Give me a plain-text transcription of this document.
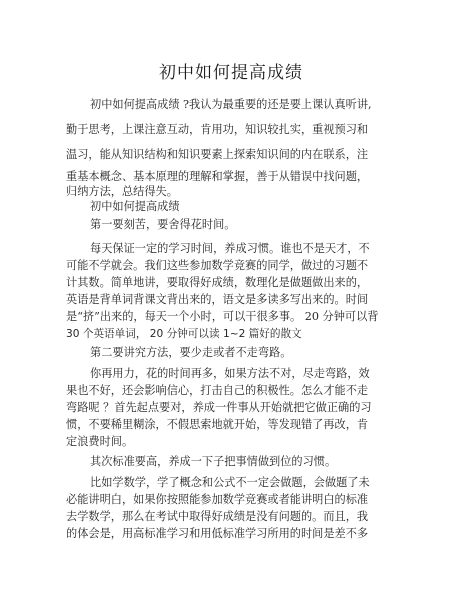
初中如何提高成绩
初中如何提高成绩 ?我认为最重要的还是要上课认真听讲,
勤于思考，上课注意互动，肯用功，知识较扎实，重视预习和
温习，能从知识结构和知识要素上探索知识间的内在联系，注
重基本概念、基本原理的理解和掌握，善于从错误中找问题，
归纳方法，总结得失。
初中如何提高成绩
第一要刻苦，要舍得花时间。
每天保证一定的学习时间，养成习惯。谁也不是天才，不
可能不学就会。我们这些参加数学竞赛的同学，做过的习题不
计其数。简单地讲，要取得好成绩，数理化是做题做出来的，
英语是背单词背课文背出来的，语文是多读多写出来的。时间
是“挤”出来的，每天一个小时，可以干很多事。 20 分钟可以背
30 个英语单词， 20 分钟可以读 1~2 篇好的散文
第二要讲究方法，要少走或者不走弯路。
你再用力，花的时间再多，如果方法不对，尽走弯路，效
果也不好，还会影响信心，打击自己的积极性。怎么才能不走
弯路呢 ？首先起点要对，养成一件事从开始就把它做正确的习
惯，不要稀里糊涂，不假思索地就开始，等发现错了再改，肯
定浪费时间。
其次标准要高，养成一下子把事情做到位的习惯。
比如学数学，学了概念和公式不一定会做题，会做题了未
必能讲明白，如果你按照能参加数学竞赛或者能讲明白的标准
去学数学，那么在考试中取得好成绩是没有问题的。而且，我
的体会是，用高标准学习和用低标准学习所用的时间是差不多
